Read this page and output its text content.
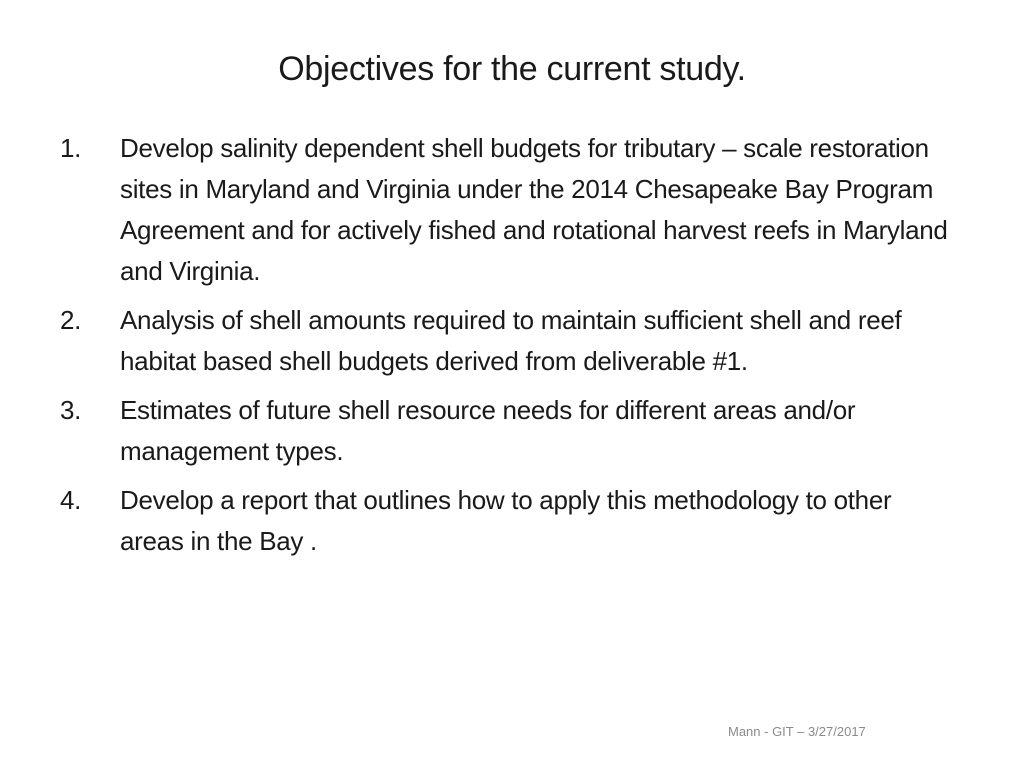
Objectives for the current study.
1. Develop salinity dependent shell budgets for tributary – scale restoration sites in Maryland and Virginia under the 2014 Chesapeake Bay Program Agreement and for actively fished and rotational harvest reefs in Maryland and Virginia.
2. Analysis of shell amounts required to maintain sufficient shell and reef habitat based shell budgets derived from deliverable #1.
3. Estimates of future shell resource needs for different areas and/or management types.
4. Develop a report that outlines how to apply this methodology to other areas in the Bay .
Mann - GIT – 3/27/2017
